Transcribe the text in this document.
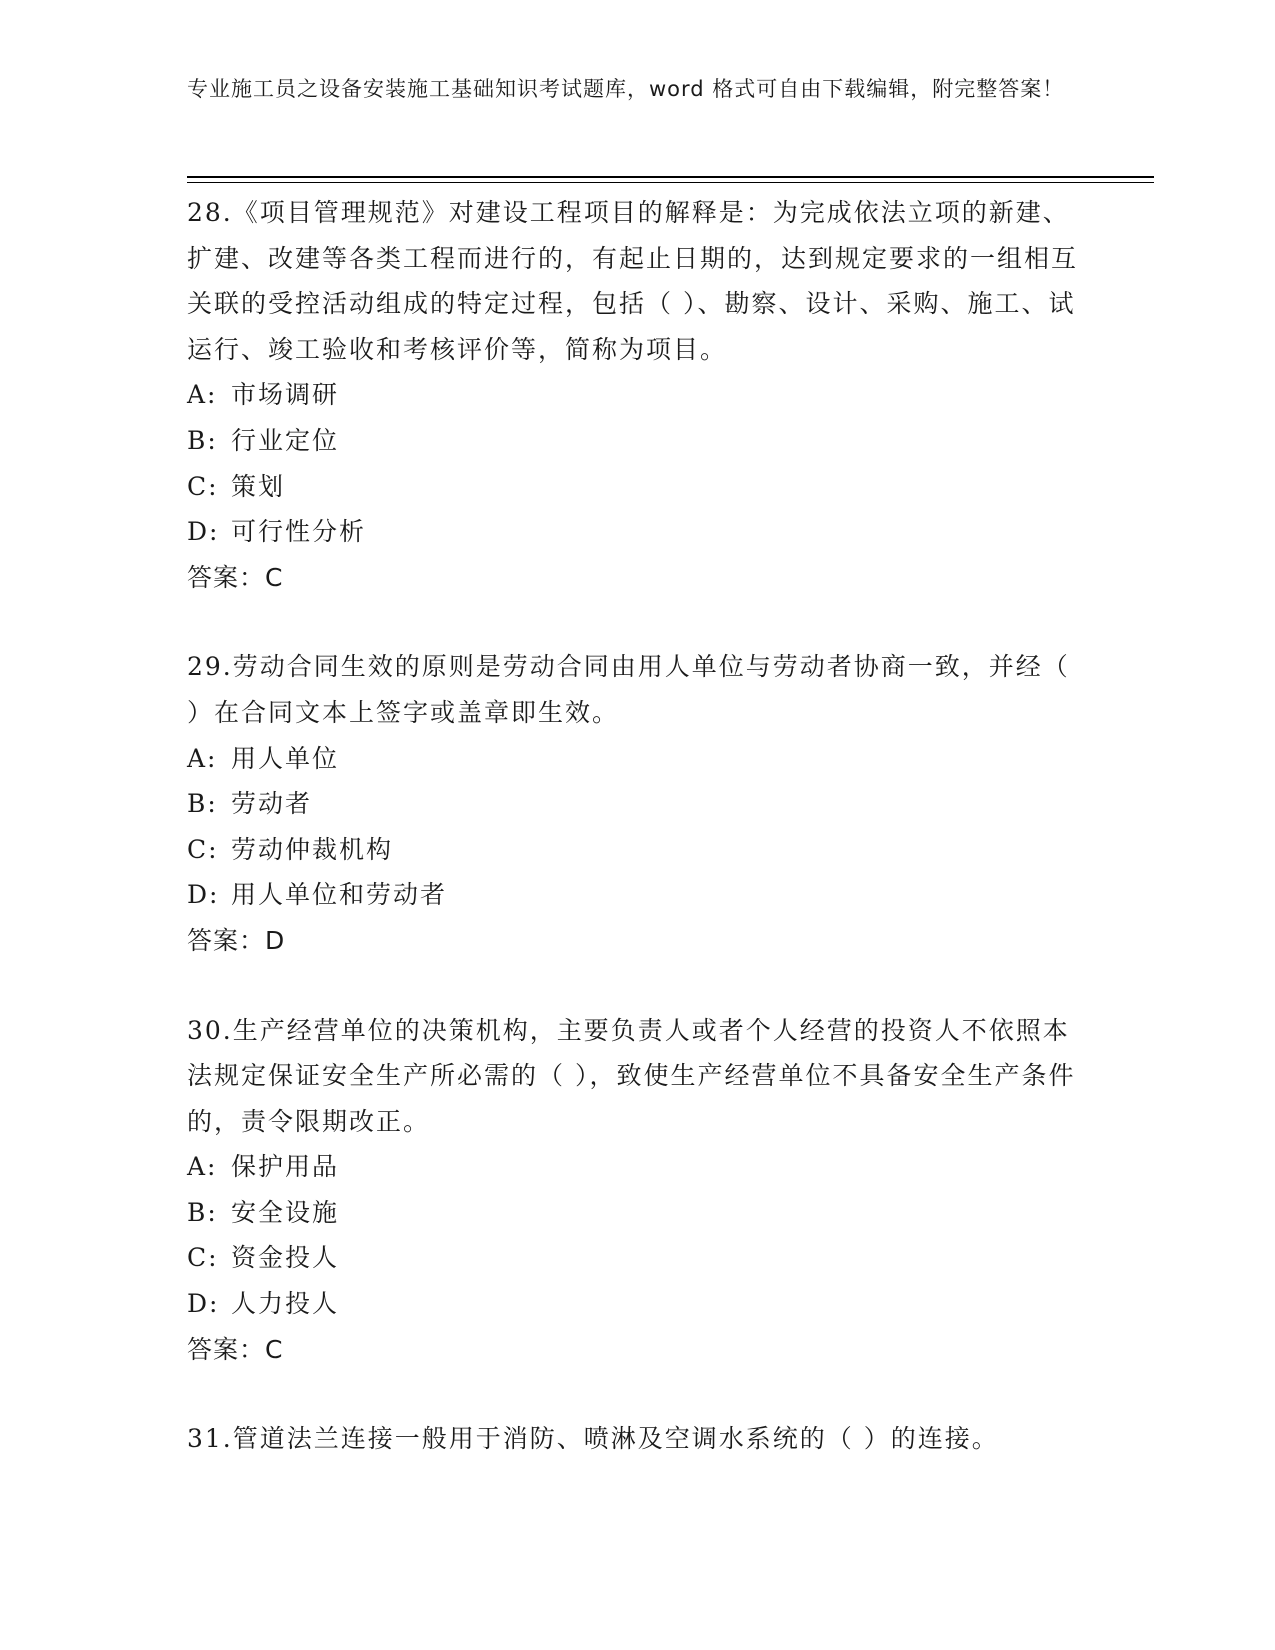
专业施工员之设备安装施工基础知识考试题库，word 格式可自由下载编辑，附完整答案！

28.《项目管理规范》对建设工程项目的解释是：为完成依法立项的新建、扩建、改建等各类工程而进行的，有起止日期的，达到规定要求的一组相互关联的受控活动组成的特定过程，包括（ ）、勘察、设计、采购、施工、试运行、竣工验收和考核评价等，简称为项目。

A: 市场调研
B: 行业定位
C: 策划
D: 可行性分析
答案：C

29.劳动合同生效的原则是劳动合同由用人单位与劳动者协商一致，并经（ ）在合同文本上签字或盖章即生效。

A: 用人单位
B: 劳动者
C: 劳动仲裁机构
D: 用人单位和劳动者
答案：D

30.生产经营单位的决策机构，主要负责人或者个人经营的投资人不依照本法规定保证安全生产所必需的（ ），致使生产经营单位不具备安全生产条件的，责令限期改正。

A: 保护用品
B: 安全设施
C: 资金投人
D: 人力投人
答案：C

31.管道法兰连接一般用于消防、喷淋及空调水系统的（ ）的连接。
